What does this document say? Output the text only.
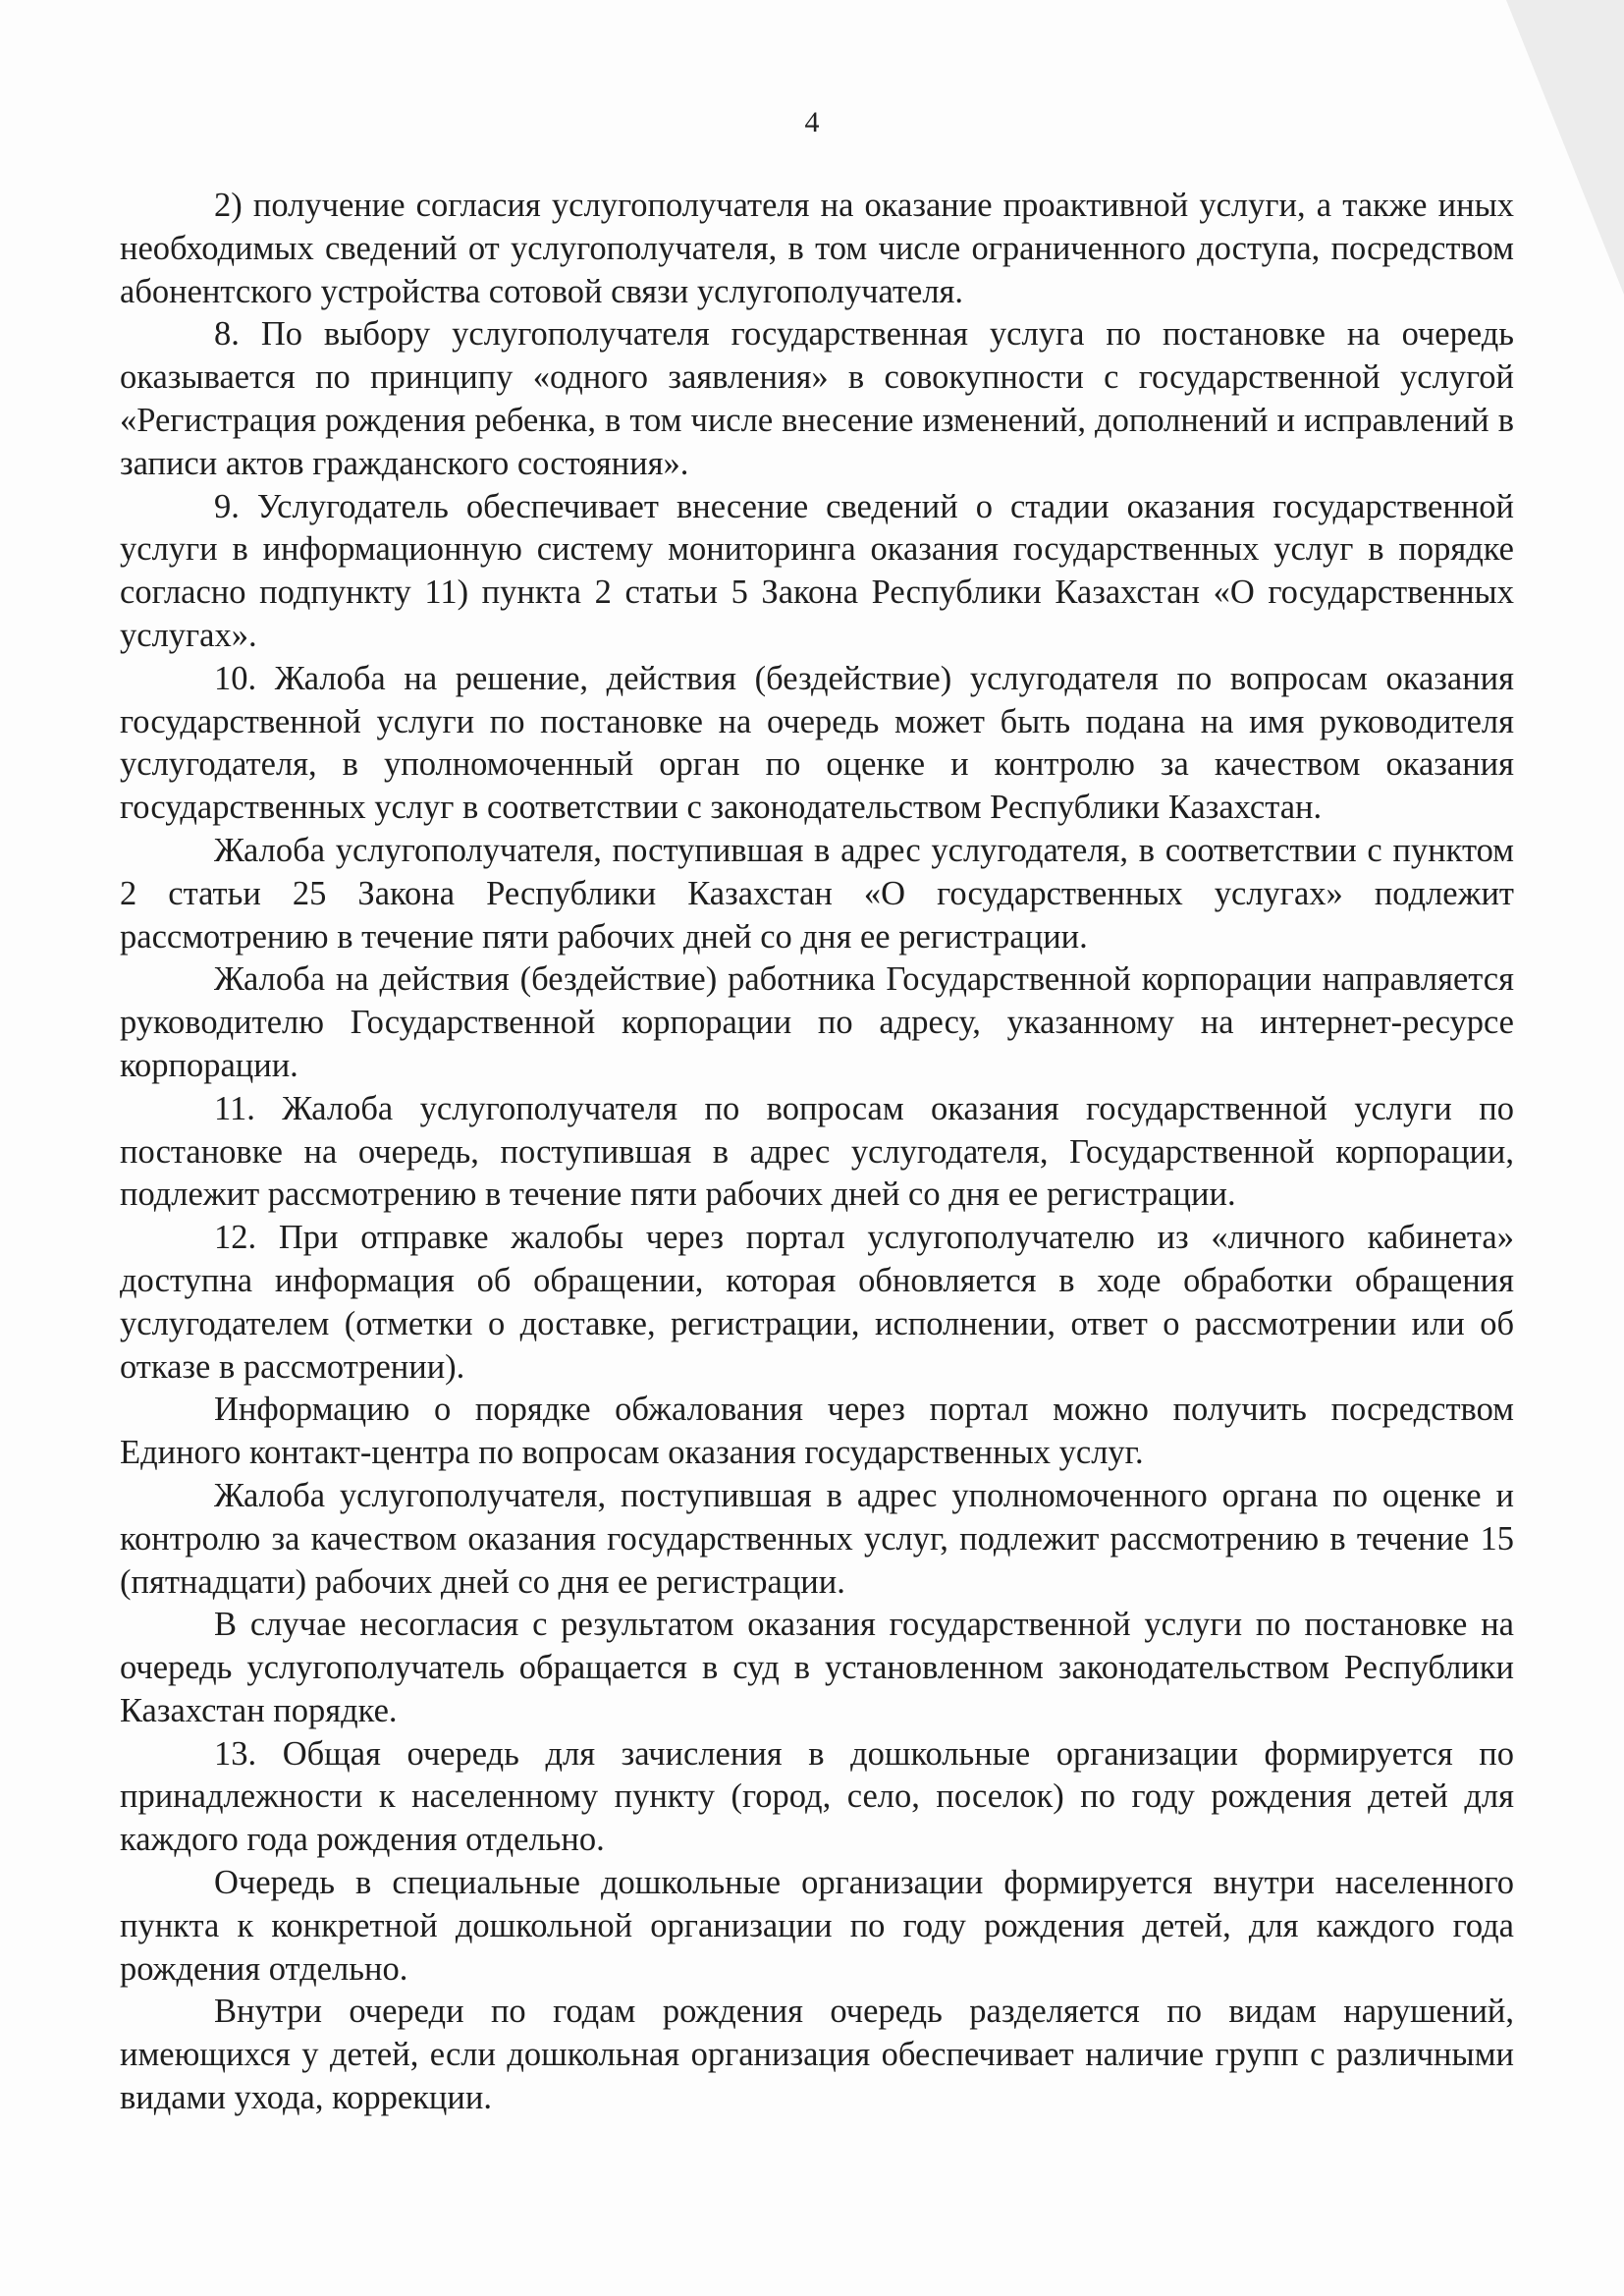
4

2) получение согласия услугополучателя на оказание проактивной услуги, а также иных необходимых сведений от услугополучателя, в том числе ограниченного доступа, посредством абонентского устройства сотовой связи услугополучателя.

8. По выбору услугополучателя государственная услуга по постановке на очередь оказывается по принципу «одного заявления» в совокупности с государственной услугой «Регистрация рождения ребенка, в том числе внесение изменений, дополнений и исправлений в записи актов гражданского состояния».

9. Услугодатель обеспечивает внесение сведений о стадии оказания государственной услуги в информационную систему мониторинга оказания государственных услуг в порядке согласно подпункту 11) пункта 2 статьи 5 Закона Республики Казахстан «О государственных услугах».

10. Жалоба на решение, действия (бездействие) услугодателя по вопросам оказания государственной услуги по постановке на очередь может быть подана на имя руководителя услугодателя, в уполномоченный орган по оценке и контролю за качеством оказания государственных услуг в соответствии с законодательством Республики Казахстан.

Жалоба услугополучателя, поступившая в адрес услугодателя, в соответствии с пунктом 2 статьи 25 Закона Республики Казахстан «О государственных услугах» подлежит рассмотрению в течение пяти рабочих дней со дня ее регистрации.

Жалоба на действия (бездействие) работника Государственной корпорации направляется руководителю Государственной корпорации по адресу, указанному на интернет-ресурсе корпорации.

11. Жалоба услугополучателя по вопросам оказания государственной услуги по постановке на очередь, поступившая в адрес услугодателя, Государственной корпорации, подлежит рассмотрению в течение пяти рабочих дней со дня ее регистрации.

12. При отправке жалобы через портал услугополучателю из «личного кабинета» доступна информация об обращении, которая обновляется в ходе обработки обращения услугодателем (отметки о доставке, регистрации, исполнении, ответ о рассмотрении или об отказе в рассмотрении).

Информацию о порядке обжалования через портал можно получить посредством Единого контакт-центра по вопросам оказания государственных услуг.

Жалоба услугополучателя, поступившая в адрес уполномоченного органа по оценке и контролю за качеством оказания государственных услуг, подлежит рассмотрению в течение 15 (пятнадцати) рабочих дней со дня ее регистрации.

В случае несогласия с результатом оказания государственной услуги по постановке на очередь услугополучатель обращается в суд в установленном законодательством Республики Казахстан порядке.

13. Общая очередь для зачисления в дошкольные организации формируется по принадлежности к населенному пункту (город, село, поселок) по году рождения детей для каждого года рождения отдельно.

Очередь в специальные дошкольные организации формируется внутри населенного пункта к конкретной дошкольной организации по году рождения детей, для каждого года рождения отдельно.

Внутри очереди по годам рождения очередь разделяется по видам нарушений, имеющихся у детей, если дошкольная организация обеспечивает наличие групп с различными видами ухода, коррекции.
